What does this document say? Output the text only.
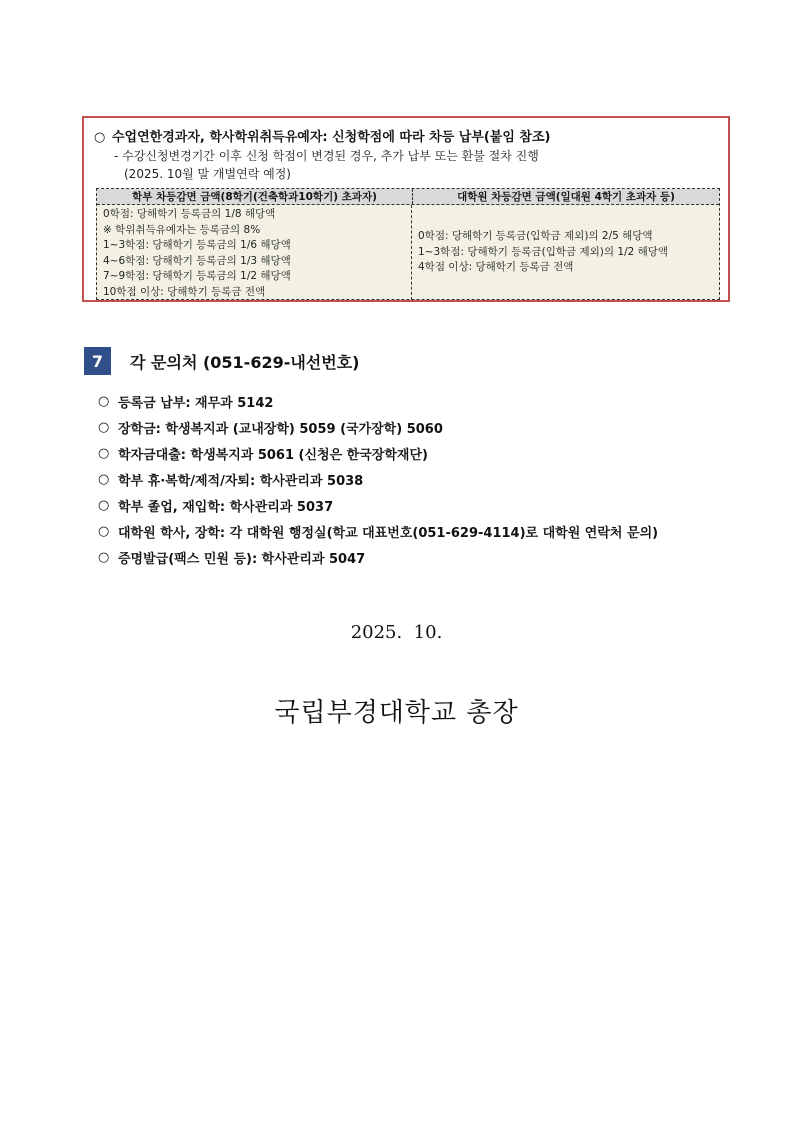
○ 수업연한경과자, 학사학위취득유예자: 신청학점에 따라 차등 납부(붙임 참조)
- 수강신청변경기간 이후 신청 학점이 변경된 경우, 추가 납부 또는 환불 절차 진행
(2025. 10월 말 개별연락 예정)
학부 차등감면 금액(8학기(건축학과10학기) 초과자)	대학원 차등감면 금액(일대원 4학기 초과자 등)
0학점: 당해학기 등록금의 1/8 해당액
※ 학위취득유예자는 등록금의 8%
1~3학점: 당해학기 등록금의 1/6 해당액
4~6학점: 당해학기 등록금의 1/3 해당액
7~9학점: 당해학기 등록금의 1/2 해당액
10학점 이상: 당해학기 등록금 전액
0학점: 당해학기 등록금(입학금 제외)의 2/5 해당액
1~3학점: 당해학기 등록금(입학금 제외)의 1/2 해당액
4학점 이상: 당해학기 등록금 전액
7	각 문의처 (051-629-내선번호)
○ 등록금 납부: 재무과 5142
○ 장학금: 학생복지과 (교내장학) 5059 (국가장학) 5060
○ 학자금대출: 학생복지과 5061 (신청은 한국장학재단)
○ 학부 휴·복학/제적/자퇴: 학사관리과 5038
○ 학부 졸업, 재입학: 학사관리과 5037
○ 대학원 학사, 장학: 각 대학원 행정실(학교 대표번호(051-629-4114)로 대학원 연락처 문의)
○ 증명발급(팩스 민원 등): 학사관리과 5047
2025.  10.
국립부경대학교 총장
